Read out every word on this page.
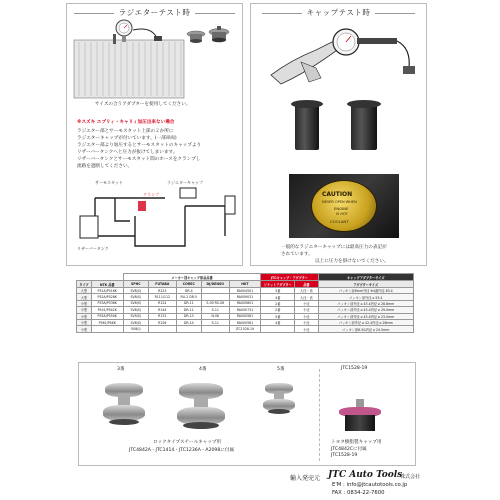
ラジエターテスト時
サイズの合うアダプターを使用してください。
※スズキ エブリィ・キャリィ加圧出来ない場合
ラジエター部とサーモスタット上部の２か所に
ラジエターキャップが付いています。(一部車両)
ラジエター部より加圧するとサーモスタットのキャップより
リザーバータンクへと圧力が抜けてしまいます。
リザーバータンクとサーモスタット間のホースをクランプし
流路を遮断してください。
ラジエターキャップ
サーモスタット
リザーバータンク
クランプ
キャップテスト時
CAUTION
NEVER OPEN WHEN
ENGINE
IS HOT
COOLANT
一般的なラジエターキャップには最高圧力の表記が
されています。
以上に圧力を掛けないでください。
		メーカー別キャップ部品品番					JTCキャップ・アダプター		キャップアダプターサイズ
タイプ	NTK 品番	SPHC	FUTABA	COREC	DJ/DENSO	HKT	ソケットアダプター	品番	アダプターサイズ
大型	P51A/P516K	SV8(S)	R123	DR-4		RA004501	3番	大径・高	パッキン部6mm外径 ※4番内径 83.4
大型	P52A/P528K	SV8(S)	R111/112	RU-2 DR-5		RA009031	4番	大径・高	パッキン部外径 ⌀ 53.4
小型	P53A/P536K	SV8(S)	R124	DR-11	S-09 RS-06	RA000801	2番	小径	パッキン部外径 ⌀ 43.4内径 ⌀ 28.8mm
小型	P541/P542K	SV8(S)	R144	DR-11	S-11	RA000731	2番	小径	パッキン部外径 ⌀ 43.4内径 ⌀ 29.0mm
小型	P55A/P550K	SV9(S)	R131	DR-13	N-06	RA000581	5番	小径	パッキン部外径 ⌀ 43.4内径 ⌀ 23.0mm
小型	P561/P56K	SV8(S)	R126	DR-14	S-11	RA000581	4番	小径	パッキン部外径 ⌀ 42.4内径 ⌀ 26mm
小型		SV8(I)				JTC1528-19		小径	パッキン部6.5&内径 ⌀ 24.5mm
3番	4番	5番	JTC1528-19
ロックタイプスチールキャップ用
JTC4842A・JTC1414・JTC1236A・A2098に付属
トヨタ樹脂製キャップ用
JTC4842Cに付属
JTC1528-19
輸入発売元 JTC Auto Tools
株式会社
E'M : info@jtcautotools.co.jp
FAX : 0834-22-7600
